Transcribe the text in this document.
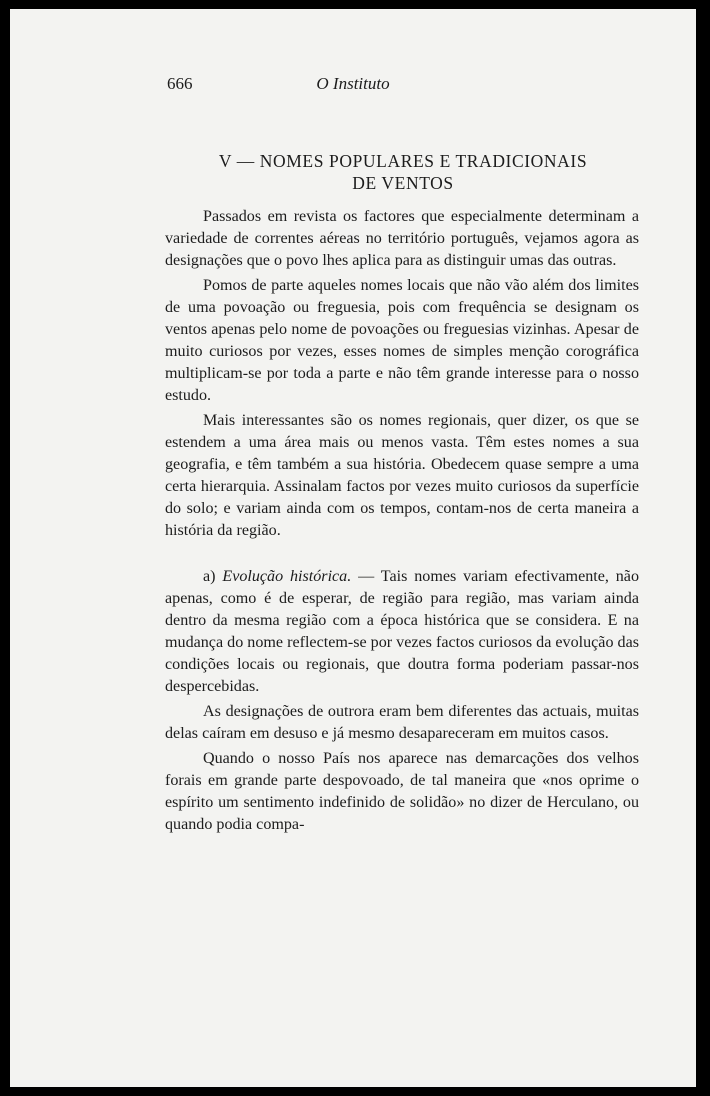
666	O Instituto
V — NOMES POPULARES E TRADICIONAIS
DE VENTOS

Passados em revista os factores que especialmente determinam a variedade de correntes aéreas no território português, vejamos agora as designações que o povo lhes aplica para as distinguir umas das outras.

Pomos de parte aqueles nomes locais que não vão além dos limites de uma povoação ou freguesia, pois com frequência se designam os ventos apenas pelo nome de povoações ou freguesias vizinhas. Apesar de muito curiosos por vezes, esses nomes de simples menção corográfica multiplicam-se por toda a parte e não têm grande interesse para o nosso estudo.

Mais interessantes são os nomes regionais, quer dizer, os que se estendem a uma área mais ou menos vasta. Têm estes nomes a sua geografia, e têm também a sua história. Obedecem quase sempre a uma certa hierarquia. Assinalam factos por vezes muito curiosos da superfície do solo; e variam ainda com os tempos, contam-nos de certa maneira a história da região.

a) Evolução histórica. — Tais nomes variam efectivamente, não apenas, como é de esperar, de região para região, mas variam ainda dentro da mesma região com a época histórica que se considera. E na mudança do nome reflectem-se por vezes factos curiosos da evolução das condições locais ou regionais, que doutra forma poderiam passar-nos despercebidas.

As designações de outrora eram bem diferentes das actuais, muitas delas caíram em desuso e já mesmo desapareceram em muitos casos.

Quando o nosso País nos aparece nas demarcações dos velhos forais em grande parte despovoado, de tal maneira que «nos oprime o espírito um sentimento indefinido de solidão» no dizer de Herculano, ou quando podia compa-
